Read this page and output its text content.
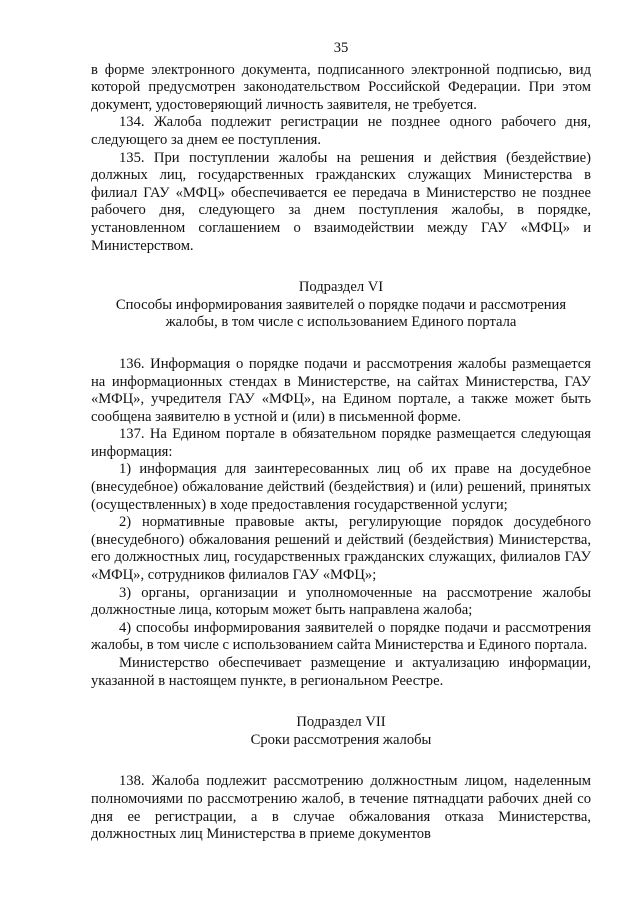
35

в форме электронного документа, подписанного электронной подписью, вид которой предусмотрен законодательством Российской Федерации. При этом документ, удостоверяющий личность заявителя, не требуется.

134. Жалоба подлежит регистрации не позднее одного рабочего дня, следующего за днем ее поступления.

135. При поступлении жалобы на решения и действия (бездействие) должных лиц, государственных гражданских служащих Министерства в филиал ГАУ «МФЦ» обеспечивается ее передача в Министерство не позднее рабочего дня, следующего за днем поступления жалобы, в порядке, установленном соглашением о взаимодействии между ГАУ «МФЦ» и Министерством.

Подраздел VI
Способы информирования заявителей о порядке подачи и рассмотрения жалобы, в том числе с использованием Единого портала

136. Информация о порядке подачи и рассмотрения жалобы размещается на информационных стендах в Министерстве, на сайтах Министерства, ГАУ «МФЦ», учредителя ГАУ «МФЦ», на Едином портале, а также может быть сообщена заявителю в устной и (или) в письменной форме.

137. На Едином портале в обязательном порядке размещается следующая информация:

1) информация для заинтересованных лиц об их праве на досудебное (внесудебное) обжалование действий (бездействия) и (или) решений, принятых (осуществленных) в ходе предоставления государственной услуги;

2) нормативные правовые акты, регулирующие порядок досудебного (внесудебного) обжалования решений и действий (бездействия) Министерства, его должностных лиц, государственных гражданских служащих, филиалов ГАУ «МФЦ», сотрудников филиалов ГАУ «МФЦ»;

3) органы, организации и уполномоченные на рассмотрение жалобы должностные лица, которым может быть направлена жалоба;

4) способы информирования заявителей о порядке подачи и рассмотрения жалобы, в том числе с использованием сайта Министерства и Единого портала.

Министерство обеспечивает размещение и актуализацию информации, указанной в настоящем пункте, в региональном Реестре.

Подраздел VII
Сроки рассмотрения жалобы

138. Жалоба подлежит рассмотрению должностным лицом, наделенным полномочиями по рассмотрению жалоб, в течение пятнадцати рабочих дней со дня ее регистрации, а в случае обжалования отказа Министерства, должностных лиц Министерства в приеме документов
